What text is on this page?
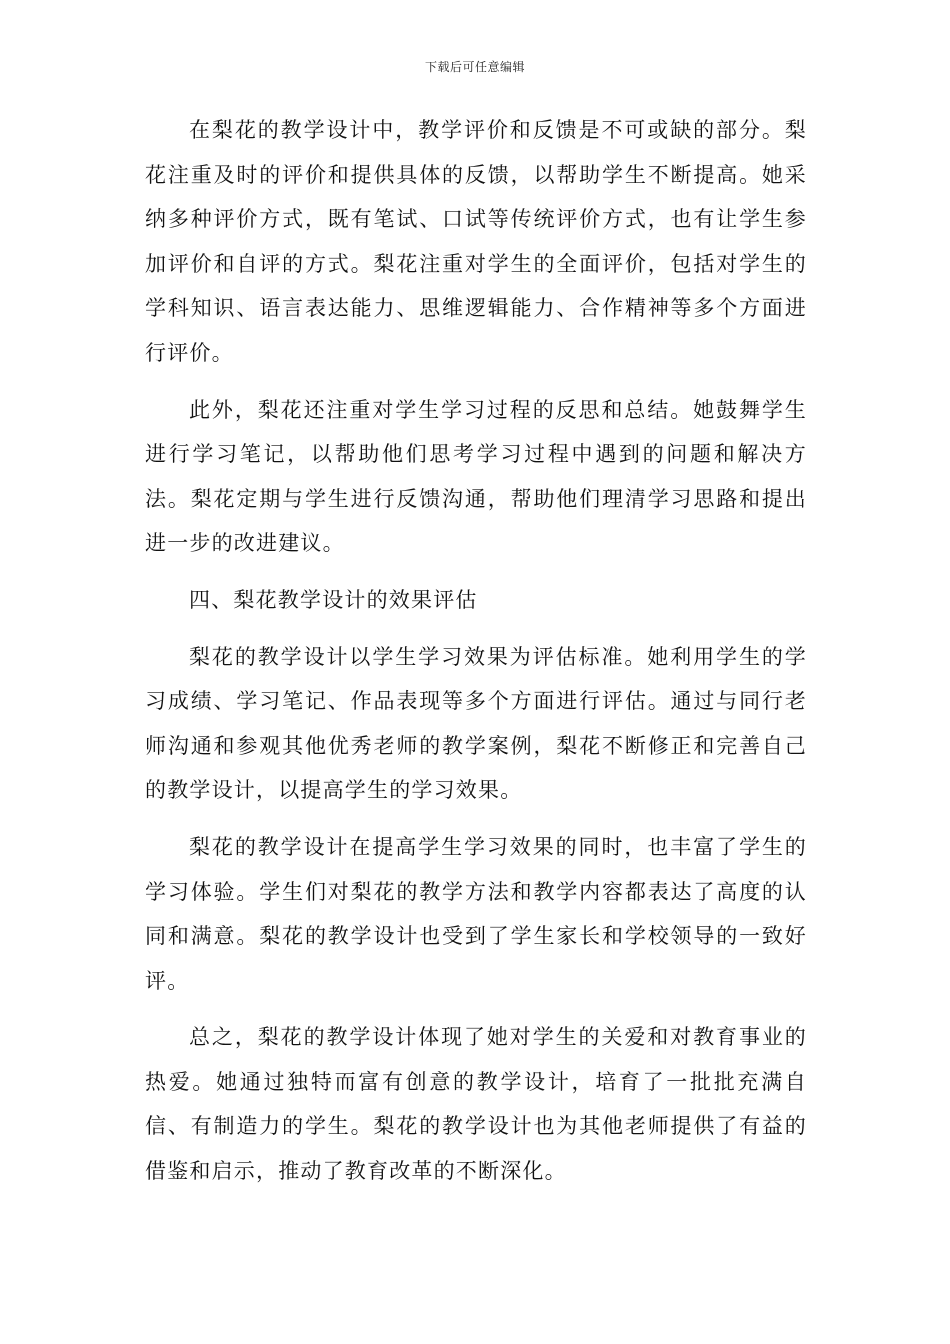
下载后可任意编辑

在梨花的教学设计中，教学评价和反馈是不可或缺的部分。梨花注重及时的评价和提供具体的反馈，以帮助学生不断提高。她采纳多种评价方式，既有笔试、口试等传统评价方式，也有让学生参加评价和自评的方式。梨花注重对学生的全面评价，包括对学生的学科知识、语言表达能力、思维逻辑能力、合作精神等多个方面进行评价。

此外，梨花还注重对学生学习过程的反思和总结。她鼓舞学生进行学习笔记，以帮助他们思考学习过程中遇到的问题和解决方法。梨花定期与学生进行反馈沟通，帮助他们理清学习思路和提出进一步的改进建议。

四、梨花教学设计的效果评估

梨花的教学设计以学生学习效果为评估标准。她利用学生的学习成绩、学习笔记、作品表现等多个方面进行评估。通过与同行老师沟通和参观其他优秀老师的教学案例，梨花不断修正和完善自己的教学设计，以提高学生的学习效果。

梨花的教学设计在提高学生学习效果的同时，也丰富了学生的学习体验。学生们对梨花的教学方法和教学内容都表达了高度的认同和满意。梨花的教学设计也受到了学生家长和学校领导的一致好评。

总之，梨花的教学设计体现了她对学生的关爱和对教育事业的热爱。她通过独特而富有创意的教学设计，培育了一批批充满自信、有制造力的学生。梨花的教学设计也为其他老师提供了有益的借鉴和启示，推动了教育改革的不断深化。
